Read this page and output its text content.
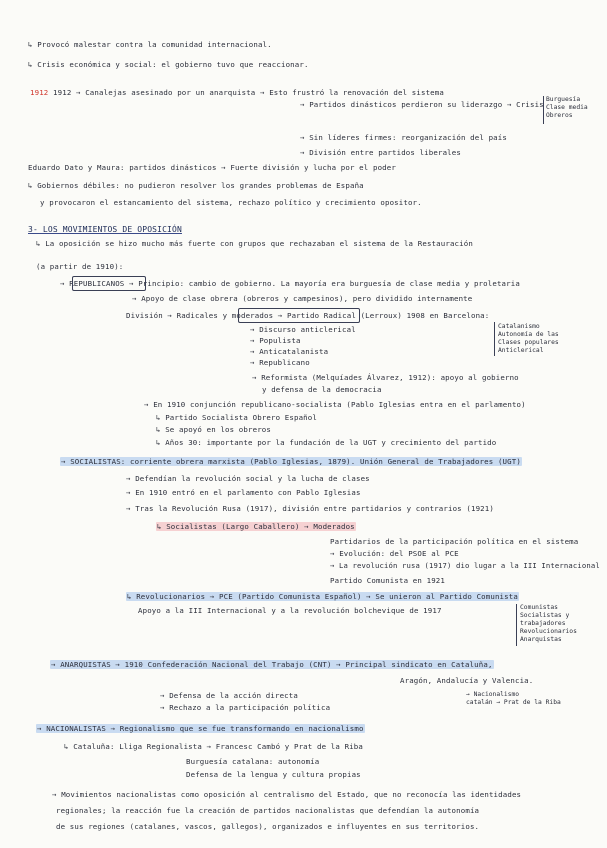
↳ Provocó malestar contra la comunidad internacional.
↳ Crisis económica y social: el gobierno tuvo que reaccionar.
1912 1912 → Canalejas asesinado por un anarquista → Esto frustró la renovación del sistema
→ Partidos dinásticos perdieron su liderazgo → Crisis
Burguesía
Clase media
Obreros
→ Sin líderes firmes: reorganización del país
→ División entre partidos liberales
Eduardo Dato y Maura: partidos dinásticos → Fuerte división y lucha por el poder
↳ Gobiernos débiles: no pudieron resolver los grandes problemas de España
y provocaron el estancamiento del sistema, rechazo político y crecimiento opositor.
3- LOS MOVIMIENTOS DE OPOSICIÓN
↳ La oposición se hizo mucho más fuerte con grupos que rechazaban el sistema de la Restauración
(a partir de 1910):
→ REPUBLICANOS → Principio: cambio de gobierno. La mayoría era burguesía de clase media y proletaria
→ Apoyo de clase obrera (obreros y campesinos), pero dividido internamente
División → Radicales y moderados → Partido Radical (Lerroux) 1908 en Barcelona:
→ Discurso anticlerical
→ Populista
→ Anticatalanista
→ Republicano
Catalanismo
Autonomía de las
Clases populares
Anticlerical
→ Reformista (Melquíades Álvarez, 1912): apoyo al gobierno
y defensa de la democracia
→ En 1910 conjunción republicano-socialista (Pablo Iglesias entra en el parlamento)
↳ Partido Socialista Obrero Español
↳ Se apoyó en los obreros
↳ Años 30: importante por la fundación de la UGT y crecimiento del partido
→ SOCIALISTAS: corriente obrera marxista (Pablo Iglesias, 1879). Unión General de Trabajadores (UGT)
→ Defendían la revolución social y la lucha de clases
→ En 1910 entró en el parlamento con Pablo Iglesias
→ Tras la Revolución Rusa (1917), división entre partidarios y contrarios (1921)
↳ Socialistas (Largo Caballero) → Moderados
Partidarios de la participación política en el sistema
→ Evolución: del PSOE al PCE
→ La revolución rusa (1917) dio lugar a la III Internacional
Partido Comunista en 1921
↳ Revolucionarios → PCE (Partido Comunista Español) → Se unieron al Partido Comunista
Apoyo a la III Internacional y a la revolución bolchevique de 1917	Comunistas
Socialistas y
trabajadores
Revolucionarios
Anarquistas
→ ANARQUISTAS → 1910 Confederación Nacional del Trabajo (CNT) → Principal sindicato en Cataluña,
Aragón, Andalucía y Valencia.
→ Defensa de la acción directa
→ Rechazo a la participación política
→ Nacionalismo
catalán → Prat de la Riba
→ NACIONALISTAS → Regionalismo que se fue transformando en nacionalismo
↳ Cataluña: Lliga Regionalista → Francesc Cambó y Prat de la Riba
Burguesía catalana: autonomía
Defensa de la lengua y cultura propias
→ Movimientos nacionalistas como oposición al centralismo del Estado, que no reconocía las identidades
regionales; la reacción fue la creación de partidos nacionalistas que defendían la autonomía
de sus regiones (catalanes, vascos, gallegos), organizados e influyentes en sus territorios.
